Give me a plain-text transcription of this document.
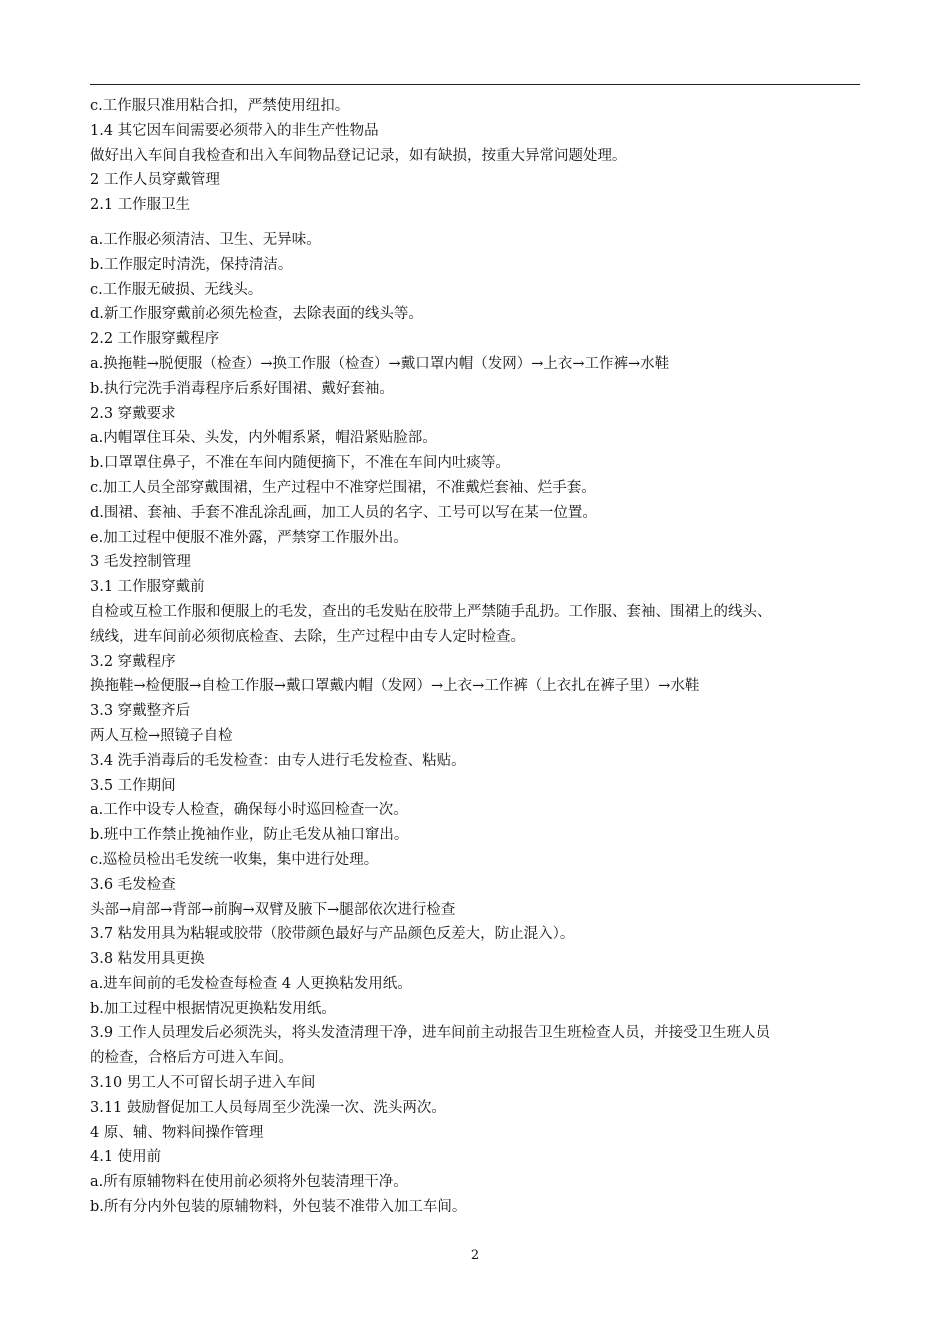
c.工作服只准用粘合扣，严禁使用纽扣。

1.4 其它因车间需要必须带入的非生产性物品

做好出入车间自我检查和出入车间物品登记记录，如有缺损，按重大异常问题处理。

2 工作人员穿戴管理

2.1 工作服卫生

a.工作服必须清洁、卫生、无异味。

b.工作服定时清洗，保持清洁。

c.工作服无破损、无线头。

d.新工作服穿戴前必须先检查，去除表面的线头等。

2.2 工作服穿戴程序

a.换拖鞋→脱便服（检查）→换工作服（检查）→戴口罩内帽（发网）→上衣→工作裤→水鞋

b.执行完洗手消毒程序后系好围裙、戴好套袖。

2.3 穿戴要求

a.内帽罩住耳朵、头发，内外帽系紧，帽沿紧贴脸部。

b.口罩罩住鼻子，不准在车间内随便摘下，不准在车间内吐痰等。

c.加工人员全部穿戴围裙，生产过程中不准穿烂围裙，不准戴烂套袖、烂手套。

d.围裙、套袖、手套不准乱涂乱画，加工人员的名字、工号可以写在某一位置。

e.加工过程中便服不准外露，严禁穿工作服外出。

3 毛发控制管理

3.1 工作服穿戴前

自检或互检工作服和便服上的毛发，查出的毛发贴在胶带上严禁随手乱扔。工作服、套袖、围裙上的线头、

绒线，进车间前必须彻底检查、去除，生产过程中由专人定时检查。

3.2 穿戴程序

换拖鞋→检便服→自检工作服→戴口罩戴内帽（发网）→上衣→工作裤（上衣扎在裤子里）→水鞋

3.3 穿戴整齐后

两人互检→照镜子自检

3.4 洗手消毒后的毛发检查：由专人进行毛发检查、粘贴。

3.5 工作期间

a.工作中设专人检查，确保每小时巡回检查一次。

b.班中工作禁止挽袖作业，防止毛发从袖口窜出。

c.巡检员检出毛发统一收集，集中进行处理。

3.6 毛发检查

头部→肩部→背部→前胸→双臂及腋下→腿部依次进行检查

3.7 粘发用具为粘辊或胶带（胶带颜色最好与产品颜色反差大，防止混入）。

3.8 粘发用具更换

a.进车间前的毛发检查每检查 4 人更换粘发用纸。

b.加工过程中根据情况更换粘发用纸。

3.9 工作人员理发后必须洗头，将头发渣清理干净，进车间前主动报告卫生班检查人员，并接受卫生班人员

的检查，合格后方可进入车间。

3.10 男工人不可留长胡子进入车间

3.11 鼓励督促加工人员每周至少洗澡一次、洗头两次。

4 原、辅、物料间操作管理

4.1 使用前

a.所有原辅物料在使用前必须将外包装清理干净。

b.所有分内外包装的原辅物料，外包装不准带入加工车间。

2
